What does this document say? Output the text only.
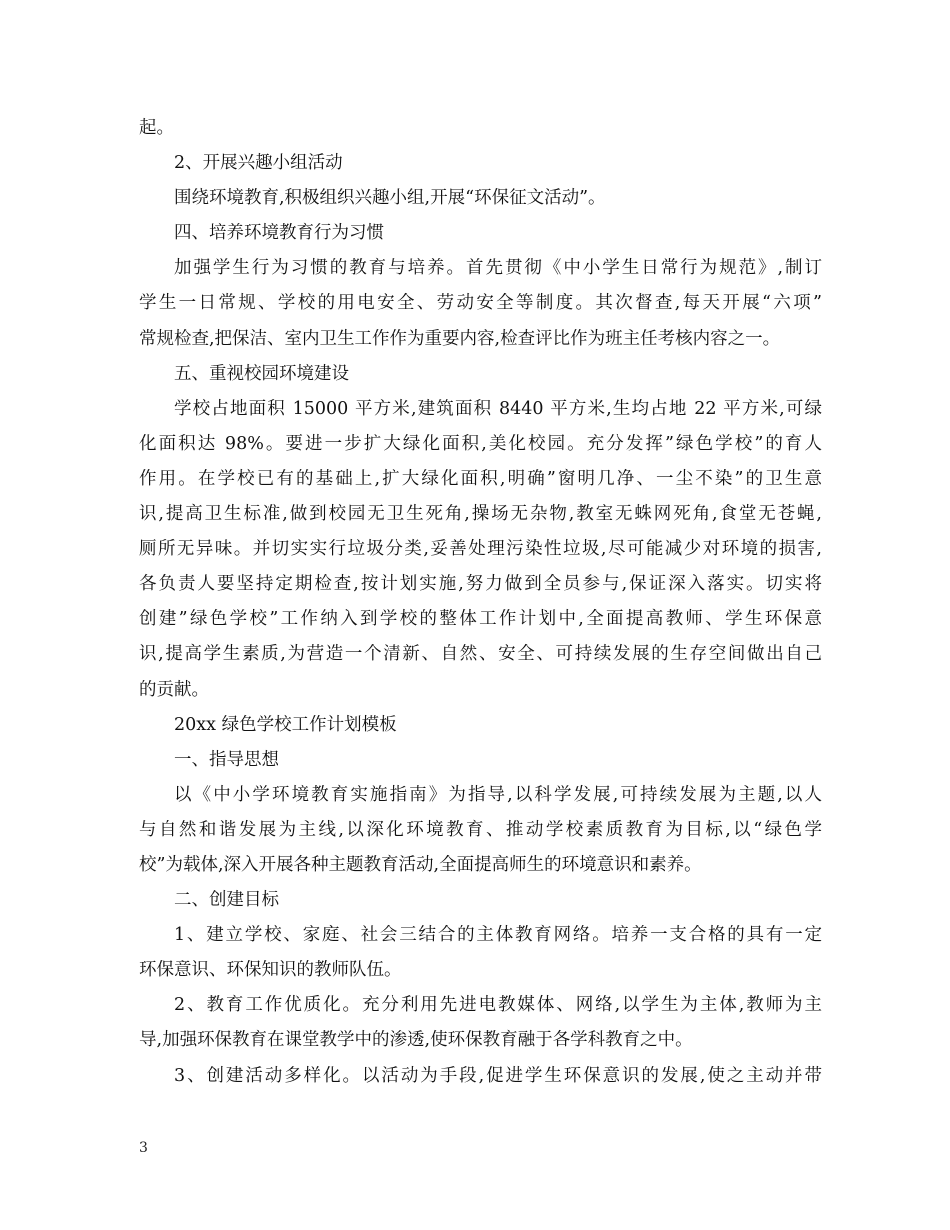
起。
2、开展兴趣小组活动
围绕环境教育,积极组织兴趣小组,开展“环保征文活动”。
四、培养环境教育行为习惯
加强学生行为习惯的教育与培养。首先贯彻《中小学生日常行为规范》,制订
学生一日常规、学校的用电安全、劳动安全等制度。其次督查,每天开展“六项”
常规检查,把保洁、室内卫生工作作为重要内容,检查评比作为班主任考核内容之一。
五、重视校园环境建设
学校占地面积 15000 平方米,建筑面积 8440 平方米,生均占地 22 平方米,可绿
化面积达 98%。要进一步扩大绿化面积,美化校园。充分发挥”绿色学校”的育人
作用。在学校已有的基础上,扩大绿化面积,明确”窗明几净、一尘不染”的卫生意
识,提高卫生标准,做到校园无卫生死角,操场无杂物,教室无蛛网死角,食堂无苍蝇,
厕所无异味。并切实实行垃圾分类,妥善处理污染性垃圾,尽可能减少对环境的损害,
各负责人要坚持定期检查,按计划实施,努力做到全员参与,保证深入落实。切实将
创建”绿色学校”工作纳入到学校的整体工作计划中,全面提高教师、学生环保意
识,提高学生素质,为营造一个清新、自然、安全、可持续发展的生存空间做出自己
的贡献。
20xx 绿色学校工作计划模板
一、指导思想
以《中小学环境教育实施指南》为指导,以科学发展,可持续发展为主题,以人
与自然和谐发展为主线,以深化环境教育、推动学校素质教育为目标,以“绿色学
校”为载体,深入开展各种主题教育活动,全面提高师生的环境意识和素养。
二、创建目标
1、建立学校、家庭、社会三结合的主体教育网络。培养一支合格的具有一定
环保意识、环保知识的教师队伍。
2、教育工作优质化。充分利用先进电教媒体、网络,以学生为主体,教师为主
导,加强环保教育在课堂教学中的渗透,使环保教育融于各学科教育之中。
3、创建活动多样化。以活动为手段,促进学生环保意识的发展,使之主动并带
3
